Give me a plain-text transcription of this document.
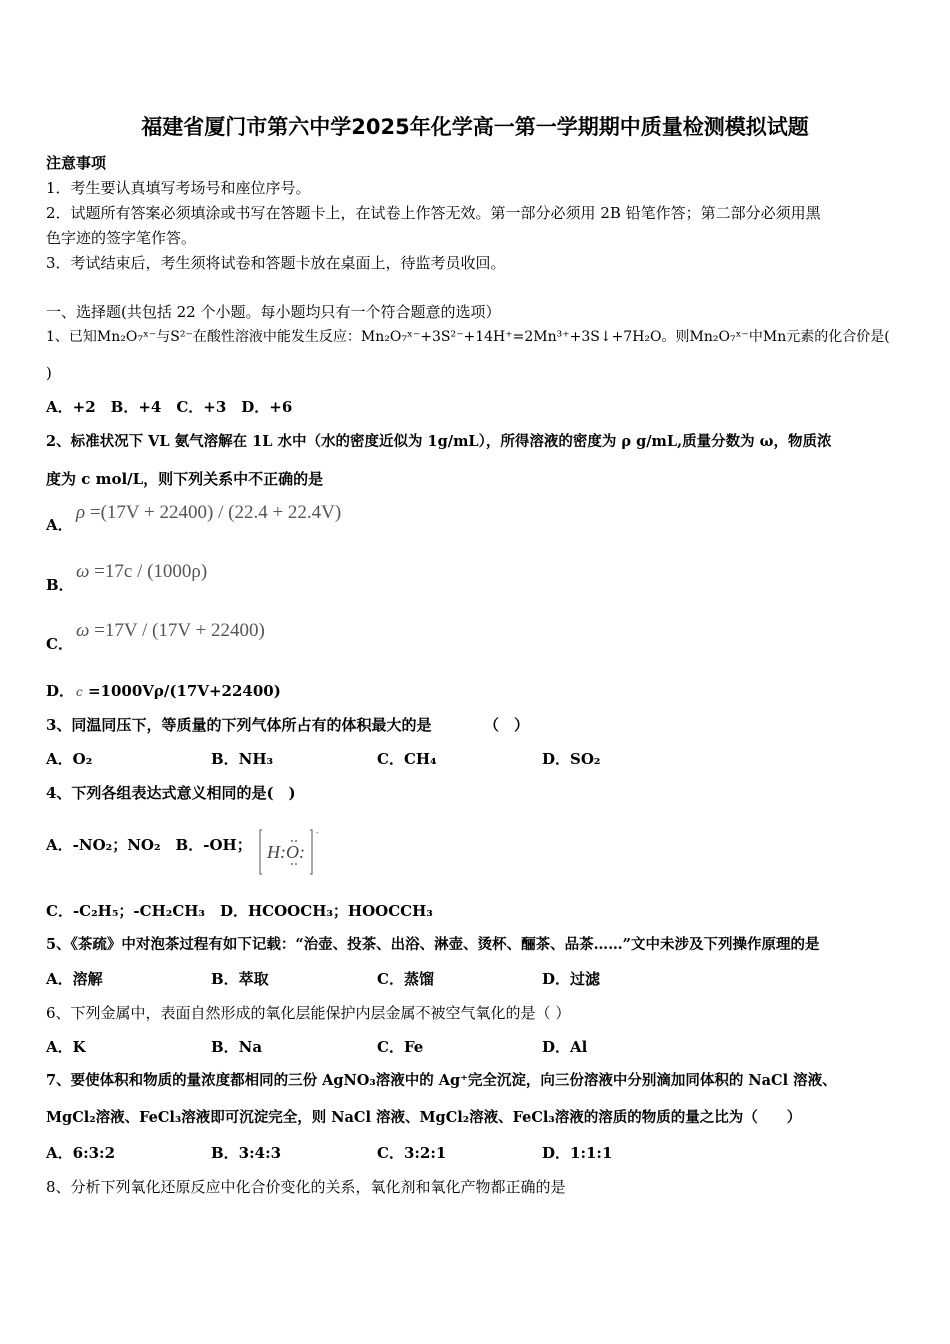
福建省厦门市第六中学2025年化学高一第一学期期中质量检测模拟试题
注意事项
1．考生要认真填写考场号和座位序号。
2．试题所有答案必须填涂或书写在答题卡上，在试卷上作答无效。第一部分必须用 2B 铅笔作答；第二部分必须用黑
色字迹的签字笔作答。
3．考试结束后，考生须将试卷和答题卡放在桌面上，待监考员收回。
一、选择题(共包括 22 个小题。每小题均只有一个符合题意的选项）
1、已知Mn₂O₇ˣ⁻与S²⁻在酸性溶液中能发生反应：Mn₂O₇ˣ⁻+3S²⁻+14H⁺=2Mn³⁺+3S↓+7H₂O。则Mn₂O₇ˣ⁻中Mn元素的化合价是(
)
A．+2　B．+4　C．+3　D．+6
2、标准状况下 VL 氨气溶解在 1L 水中（水的密度近似为 1g/mL），所得溶液的密度为 ρ g/mL,质量分数为 ω，物质浓
度为 c mol/L，则下列关系中不正确的是
A．
ρ =(17V + 22400) / (22.4 + 22.4V)
B．
ω =17c / (1000ρ)
C．
ω =17V / (17V + 22400)
D． c =1000Vρ/(17V+22400)
3、同温同压下，等质量的下列气体所占有的体积最大的是　　　　（　）
A．O₂	B．NH₃	C．CH₄	D．SO₂
4、下列各组表达式意义相同的是(　)
A．-NO₂；NO₂　B．-OH；
-
H:O:
C．-C₂H₅；-CH₂CH₃　D．HCOOCH₃；HOOCCH₃
5、《茶疏》中对泡茶过程有如下记载：“治壶、投茶、出浴、淋壶、烫杯、酾茶、品茶……”文中未涉及下列操作原理的是
A．溶解	B．萃取	C．蒸馏	D．过滤
6、下列金属中，表面自然形成的氧化层能保护内层金属不被空气氧化的是（ ）
A．K	B．Na	C．Fe	D．Al
7、要使体积和物质的量浓度都相同的三份 AgNO₃溶液中的 Ag⁺完全沉淀，向三份溶液中分别滴加同体积的 NaCl 溶液、
MgCl₂溶液、FeCl₃溶液即可沉淀完全，则 NaCl 溶液、MgCl₂溶液、FeCl₃溶液的溶质的物质的量之比为（　　）
A．6:3:2	B．3:4:3	C．3:2:1	D．1:1:1
8、分析下列氧化还原反应中化合价变化的关系，氧化剂和氧化产物都正确的是
